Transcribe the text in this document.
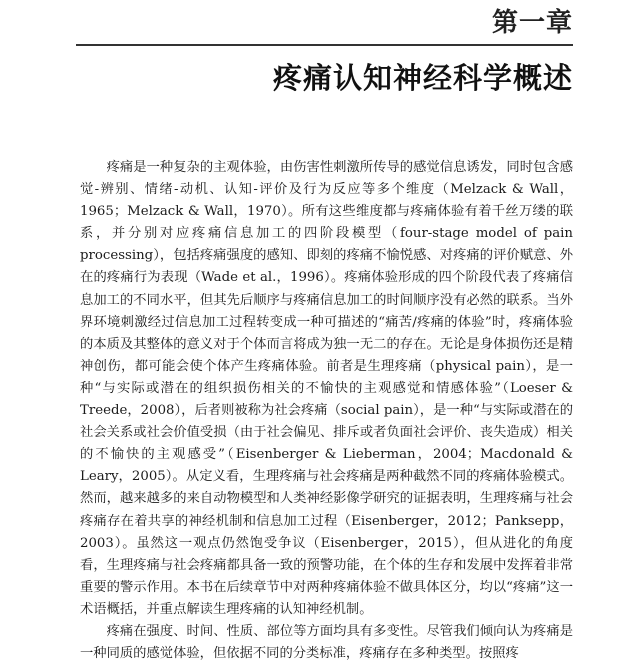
第一章
疼痛认知神经科学概述

疼痛是一种复杂的主观体验，由伤害性刺激所传导的感觉信息诱发，同时包含感觉-辨别、情绪-动机、认知-评价及行为反应等多个维度（Melzack & Wall，1965；Melzack & Wall，1970）。所有这些维度都与疼痛体验有着千丝万缕的联系，并分别对应疼痛信息加工的四阶段模型（four-stage model of pain processing），包括疼痛强度的感知、即刻的疼痛不愉悦感、对疼痛的评价赋意、外在的疼痛行为表现（Wade et al.，1996）。疼痛体验形成的四个阶段代表了疼痛信息加工的不同水平，但其先后顺序与疼痛信息加工的时间顺序没有必然的联系。当外界环境刺激经过信息加工过程转变成一种可描述的“痛苦/疼痛的体验”时，疼痛体验的本质及其整体的意义对于个体而言将成为独一无二的存在。无论是身体损伤还是精神创伤，都可能会使个体产生疼痛体验。前者是生理疼痛（physical pain），是一种“与实际或潜在的组织损伤相关的不愉快的主观感觉和情感体验”（Loeser & Treede，2008），后者则被称为社会疼痛（social pain），是一种“与实际或潜在的社会关系或社会价值受损（由于社会偏见、排斥或者负面社会评价、丧失造成）相关的不愉快的主观感受”（Eisenberger & Lieberman，2004；Macdonald & Leary，2005）。从定义看，生理疼痛与社会疼痛是两种截然不同的疼痛体验模式。然而，越来越多的来自动物模型和人类神经影像学研究的证据表明，生理疼痛与社会疼痛存在着共享的神经机制和信息加工过程（Eisenberger，2012；Panksepp，2003）。虽然这一观点仍然饱受争议（Eisenberger，2015），但从进化的角度看，生理疼痛与社会疼痛都具备一致的预警功能，在个体的生存和发展中发挥着非常重要的警示作用。本书在后续章节中对两种疼痛体验不做具体区分，均以“疼痛”这一术语概括，并重点解读生理疼痛的认知神经机制。

疼痛在强度、时间、性质、部位等方面均具有多变性。尽管我们倾向认为疼痛是一种同质的感觉体验，但依据不同的分类标准，疼痛存在多种类型。按照疼
